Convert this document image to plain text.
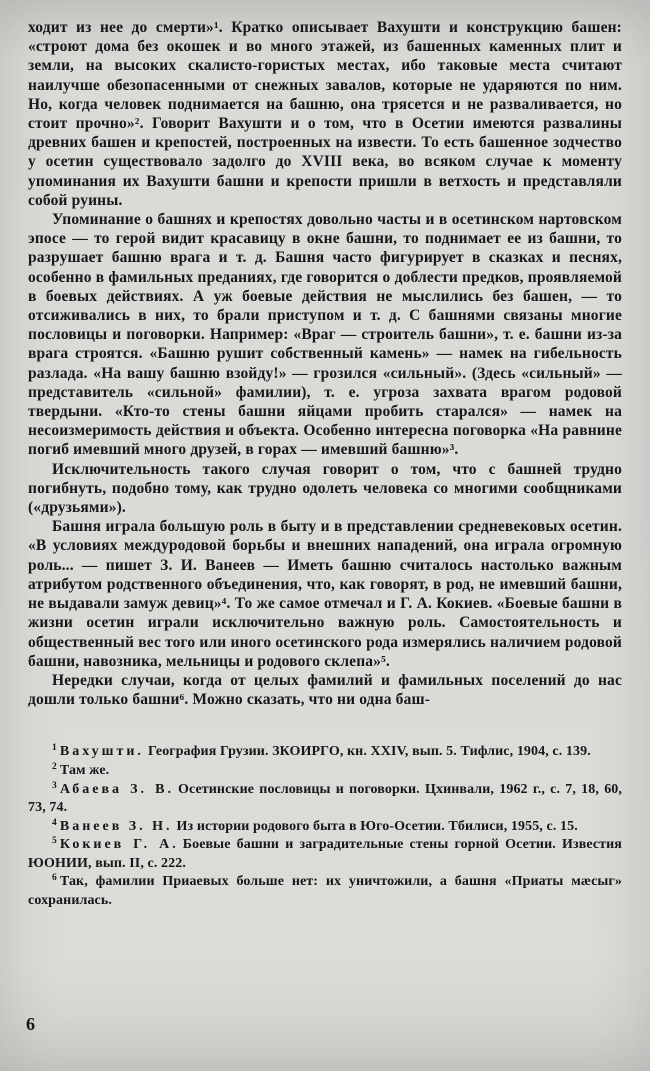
ходит из нее до смерти»¹. Кратко описывает Вахушти и конструкцию башен: «строют дома без окошек и во много этажей, из башенных каменных плит и земли, на высоких скалисто-гористых местах, ибо таковые места считают наилучше обезопасенными от снежных завалов, которые не ударяются по ним. Но, когда человек поднимается на башню, она трясется и не разваливается, но стоит прочно»². Говорит Вахушти и о том, что в Осетии имеются развалины древних башен и крепостей, построенных на извести. То есть башенное зодчество у осетин существовало задолго до XVIII века, во всяком случае к моменту упоминания их Вахушти башни и крепости пришли в ветхость и представляли собой руины.

Упоминание о башнях и крепостях довольно часты и в осетинском нартовском эпосе — то герой видит красавицу в окне башни, то поднимает ее из башни, то разрушает башню врага и т. д. Башня часто фигурирует в сказках и песнях, особенно в фамильных преданиях, где говорится о доблести предков, проявляемой в боевых действиях. А уж боевые действия не мыслились без башен, — то отсиживались в них, то брали приступом и т. д. С башнями связаны многие пословицы и поговорки. Например: «Враг — строитель башни», т. е. башни из-за врага строятся. «Башню рушит собственный камень» — намек на гибельность разлада. «На вашу башню взойду!» — грозился «сильный». (Здесь «сильный» — представитель «сильной» фамилии), т. е. угроза захвата врагом родовой твердыни. «Кто-то стены башни яйцами пробить старался» — намек на несоизмеримость действия и объекта. Особенно интересна поговорка «На равнине погиб имевший много друзей, в горах — имевший башню»³.

Исключительность такого случая говорит о том, что с башней трудно погибнуть, подобно тому, как трудно одолеть человека со многими сообщниками («друзьями»).

Башня играла большую роль в быту и в представлении средневековых осетин. «В условиях междуродовой борьбы и внешних нападений, она играла огромную роль... — пишет З. И. Ванеев — Иметь башню считалось настолько важным атрибутом родственного объединения, что, как говорят, в род, не имевший башни, не выдавали замуж девиц»⁴. То же самое отмечал и Г. А. Кокиев. «Боевые башни в жизни осетин играли исключительно важную роль. Самостоятельность и общественный вес того или иного осетинского рода измерялись наличием родовой башни, навозника, мельницы и родового склепа»⁵.

Нередки случаи, когда от целых фамилий и фамильных поселений до нас дошли только башни⁶. Можно сказать, что ни одна баш-

$^1$ Вахушти. География Грузии. ЗКОИРГО, кн. XXIV, вып. 5. Тифлис, 1904, с. 139.

$^2$ Там же.

$^3$ Абаева З. В. Осетинские пословицы и поговорки. Цхинвали, 1962 г., с. 7, 18, 60, 73, 74.

$^4$ Ванеев З. Н. Из истории родового быта в Юго-Осетии. Тбилиси, 1955, с. 15.

$^5$ Кокиев Г. А. Боевые башни и заградительные стены горной Осетии. Известия ЮОНИИ, вып. II, с. 222.

$^6$ Так, фамилии Приаевых больше нет: их уничтожили, а башня «Приаты мæсыг» сохранилась.

6
